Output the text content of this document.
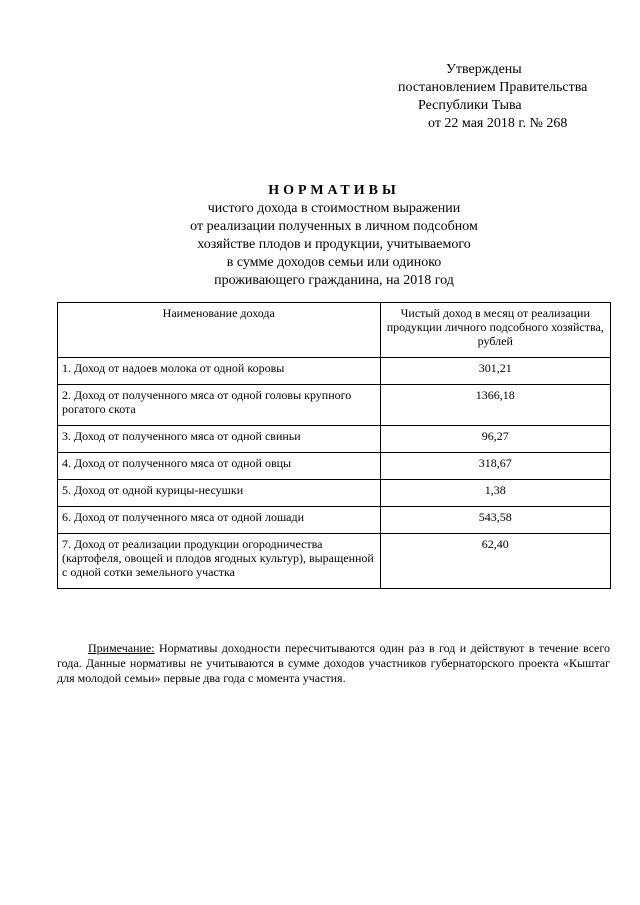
Утверждены
постановлением Правительства
Республики Тыва
от 22 мая 2018 г. № 268
НОРМАТИВЫ
чистого дохода в стоимостном выражении
от реализации полученных в личном подсобном
хозяйстве плодов и продукции, учитываемого
в сумме доходов семьи или одиноко
проживающего гражданина, на 2018 год
Наименование дохода	Чистый доход в месяц от реализации продукции личного подсобного хозяйства, рублей
1. Доход от надоев молока от одной коровы	301,21
2. Доход от полученного мяса от одной головы крупного рогатого скота	1366,18
3. Доход от полученного мяса от одной свиньи	96,27
4. Доход от полученного мяса от одной овцы	318,67
5. Доход от одной курицы-несушки	1,38
6. Доход от полученного мяса от одной лошади	543,58
7. Доход от реализации продукции огородничества (картофеля, овощей и плодов ягодных культур), выращенной с одной сотки земельного участка	62,40
Примечание: Нормативы доходности пересчитываются один раз в год и действуют в течение всего года. Данные нормативы не учитываются в сумме доходов участников губернаторского проекта «Кыштаг для молодой семьи» первые два года с момента участия.
